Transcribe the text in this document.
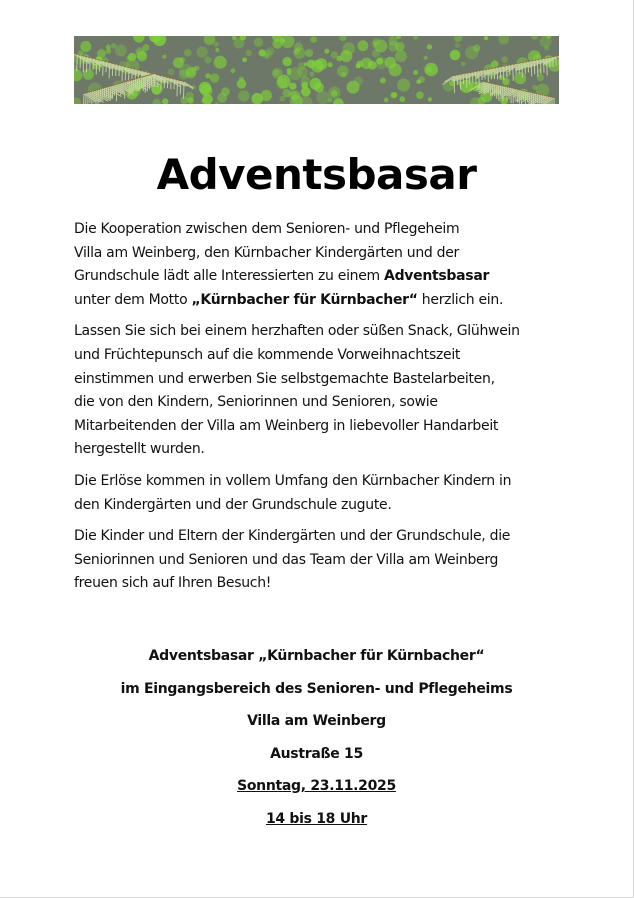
Adventsbasar

Die Kooperation zwischen dem Senioren- und Pflegeheim
Villa am Weinberg, den Kürnbacher Kindergärten und der
Grundschule lädt alle Interessierten zu einem Adventsbasar
unter dem Motto „Kürnbacher für Kürnbacher“ herzlich ein.

Lassen Sie sich bei einem herzhaften oder süßen Snack, Glühwein
und Früchtepunsch auf die kommende Vorweihnachtszeit
einstimmen und erwerben Sie selbstgemachte Bastelarbeiten,
die von den Kindern, Seniorinnen und Senioren, sowie
Mitarbeitenden der Villa am Weinberg in liebevoller Handarbeit
hergestellt wurden.

Die Erlöse kommen in vollem Umfang den Kürnbacher Kindern in
den Kindergärten und der Grundschule zugute.

Die Kinder und Eltern der Kindergärten und der Grundschule, die
Seniorinnen und Senioren und das Team der Villa am Weinberg
freuen sich auf Ihren Besuch!

Adventsbasar „Kürnbacher für Kürnbacher“
im Eingangsbereich des Senioren- und Pflegeheims
Villa am Weinberg
Austraße 15
Sonntag, 23.11.2025
14 bis 18 Uhr
